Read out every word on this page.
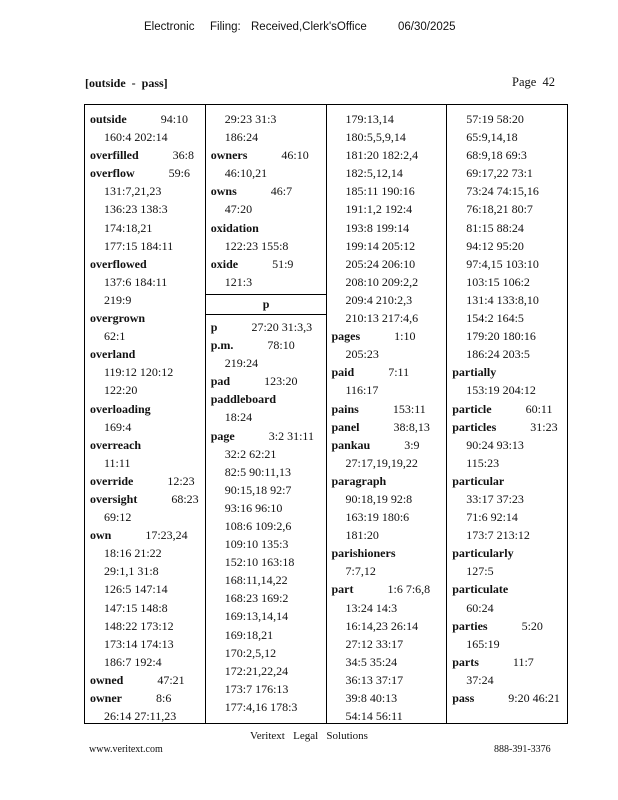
Electronic Filing: Received,Clerk'sOffice	06/30/2025
[outside  -  pass]	Page  42
outside	94:10
160:4 202:14
overfilled	36:8
overflow	59:6
131:7,21,23
136:23 138:3
174:18,21
177:15 184:11
overflowed
137:6 184:11
219:9
overgrown
62:1
overland
119:12 120:12
122:20
overloading
169:4
overreach
11:11
override	12:23
oversight	68:23
69:12
own	17:23,24
18:16 21:22
29:1,1 31:8
126:5 147:14
147:15 148:8
148:22 173:12
173:14 174:13
186:7 192:4
owned	47:21
owner	8:6
26:14 27:11,23
29:23 31:3
186:24
owners	46:10
46:10,21
owns	46:7
47:20
oxidation
122:23 155:8
oxide	51:9
121:3
p
p	27:20 31:3,3
p.m.	78:10
219:24
pad	123:20
paddleboard
18:24
page	3:2 31:11
32:2 62:21
82:5 90:11,13
90:15,18 92:7
93:16 96:10
108:6 109:2,6
109:10 135:3
152:10 163:18
168:11,14,22
168:23 169:2
169:13,14,14
169:18,21
170:2,5,12
172:21,22,24
173:7 176:13
177:4,16 178:3
179:13,14
180:5,5,9,14
181:20 182:2,4
182:5,12,14
185:11 190:16
191:1,2 192:4
193:8 199:14
199:14 205:12
205:24 206:10
208:10 209:2,2
209:4 210:2,3
210:13 217:4,6
pages	1:10
205:23
paid	7:11
116:17
pains	153:11
panel	38:8,13
pankau	3:9
27:17,19,19,22
paragraph
90:18,19 92:8
163:19 180:6
181:20
parishioners
7:7,12
part	1:6 7:6,8
13:24 14:3
16:14,23 26:14
27:12 33:17
34:5 35:24
36:13 37:17
39:8 40:13
54:14 56:11
57:19 58:20
65:9,14,18
68:9,18 69:3
69:17,22 73:1
73:24 74:15,16
76:18,21 80:7
81:15 88:24
94:12 95:20
97:4,15 103:10
103:15 106:2
131:4 133:8,10
154:2 164:5
179:20 180:16
186:24 203:5
partially
153:19 204:12
particle	60:11
particles	31:23
90:24 93:13
115:23
particular
33:17 37:23
71:6 92:14
173:7 213:12
particularly
127:5
particulate
60:24
parties	5:20
165:19
parts	11:7
37:24
pass	9:20 46:21
Veritext   Legal   Solutions
www.veritext.com	888-391-3376
